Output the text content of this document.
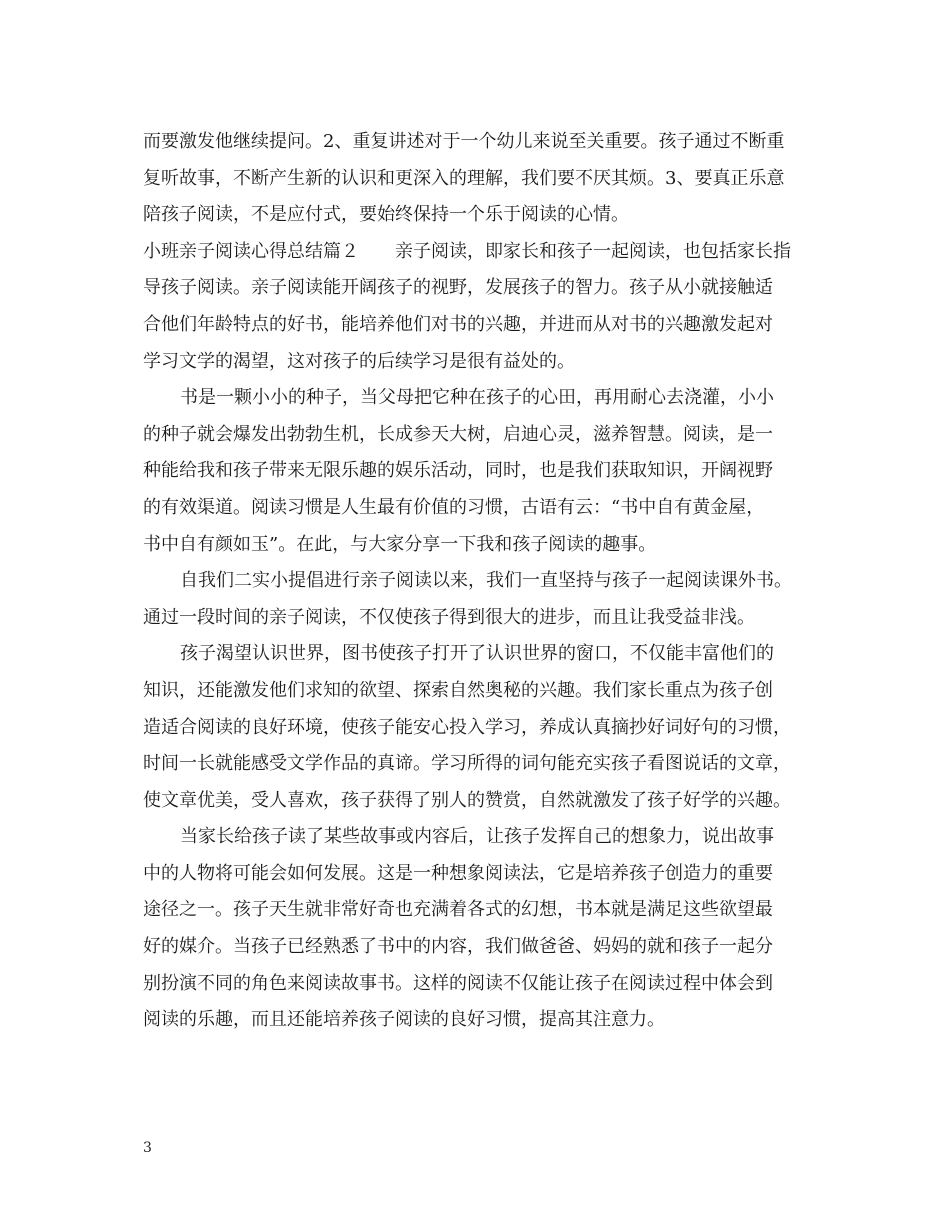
而要激发他继续提问。2、重复讲述对于一个幼儿来说至关重要。孩子通过不断重
复听故事，不断产生新的认识和更深入的理解，我们要不厌其烦。3、要真正乐意
陪孩子阅读，不是应付式，要始终保持一个乐于阅读的心情。
小班亲子阅读心得总结篇２ 亲子阅读，即家长和孩子一起阅读，也包括家长指
导孩子阅读。亲子阅读能开阔孩子的视野，发展孩子的智力。孩子从小就接触适
合他们年龄特点的好书，能培养他们对书的兴趣，并进而从对书的兴趣激发起对
学习文学的渴望，这对孩子的后续学习是很有益处的。
书是一颗小小的种子，当父母把它种在孩子的心田，再用耐心去浇灌，小小
的种子就会爆发出勃勃生机，长成参天大树，启迪心灵，滋养智慧。阅读，是一
种能给我和孩子带来无限乐趣的娱乐活动，同时，也是我们获取知识，开阔视野
的有效渠道。阅读习惯是人生最有价值的习惯，古语有云：“书中自有黄金屋，
书中自有颜如玉”。在此，与大家分享一下我和孩子阅读的趣事。
自我们二实小提倡进行亲子阅读以来，我们一直坚持与孩子一起阅读课外书。
通过一段时间的亲子阅读，不仅使孩子得到很大的进步，而且让我受益非浅。
孩子渴望认识世界，图书使孩子打开了认识世界的窗口，不仅能丰富他们的
知识，还能激发他们求知的欲望、探索自然奥秘的兴趣。我们家长重点为孩子创
造适合阅读的良好环境，使孩子能安心投入学习，养成认真摘抄好词好句的习惯，
时间一长就能感受文学作品的真谛。学习所得的词句能充实孩子看图说话的文章，
使文章优美，受人喜欢，孩子获得了别人的赞赏，自然就激发了孩子好学的兴趣。
当家长给孩子读了某些故事或内容后，让孩子发挥自己的想象力，说出故事
中的人物将可能会如何发展。这是一种想象阅读法，它是培养孩子创造力的重要
途径之一。孩子天生就非常好奇也充满着各式的幻想，书本就是满足这些欲望最
好的媒介。当孩子已经熟悉了书中的内容，我们做爸爸、妈妈的就和孩子一起分
别扮演不同的角色来阅读故事书。这样的阅读不仅能让孩子在阅读过程中体会到
阅读的乐趣，而且还能培养孩子阅读的良好习惯，提高其注意力。
3
